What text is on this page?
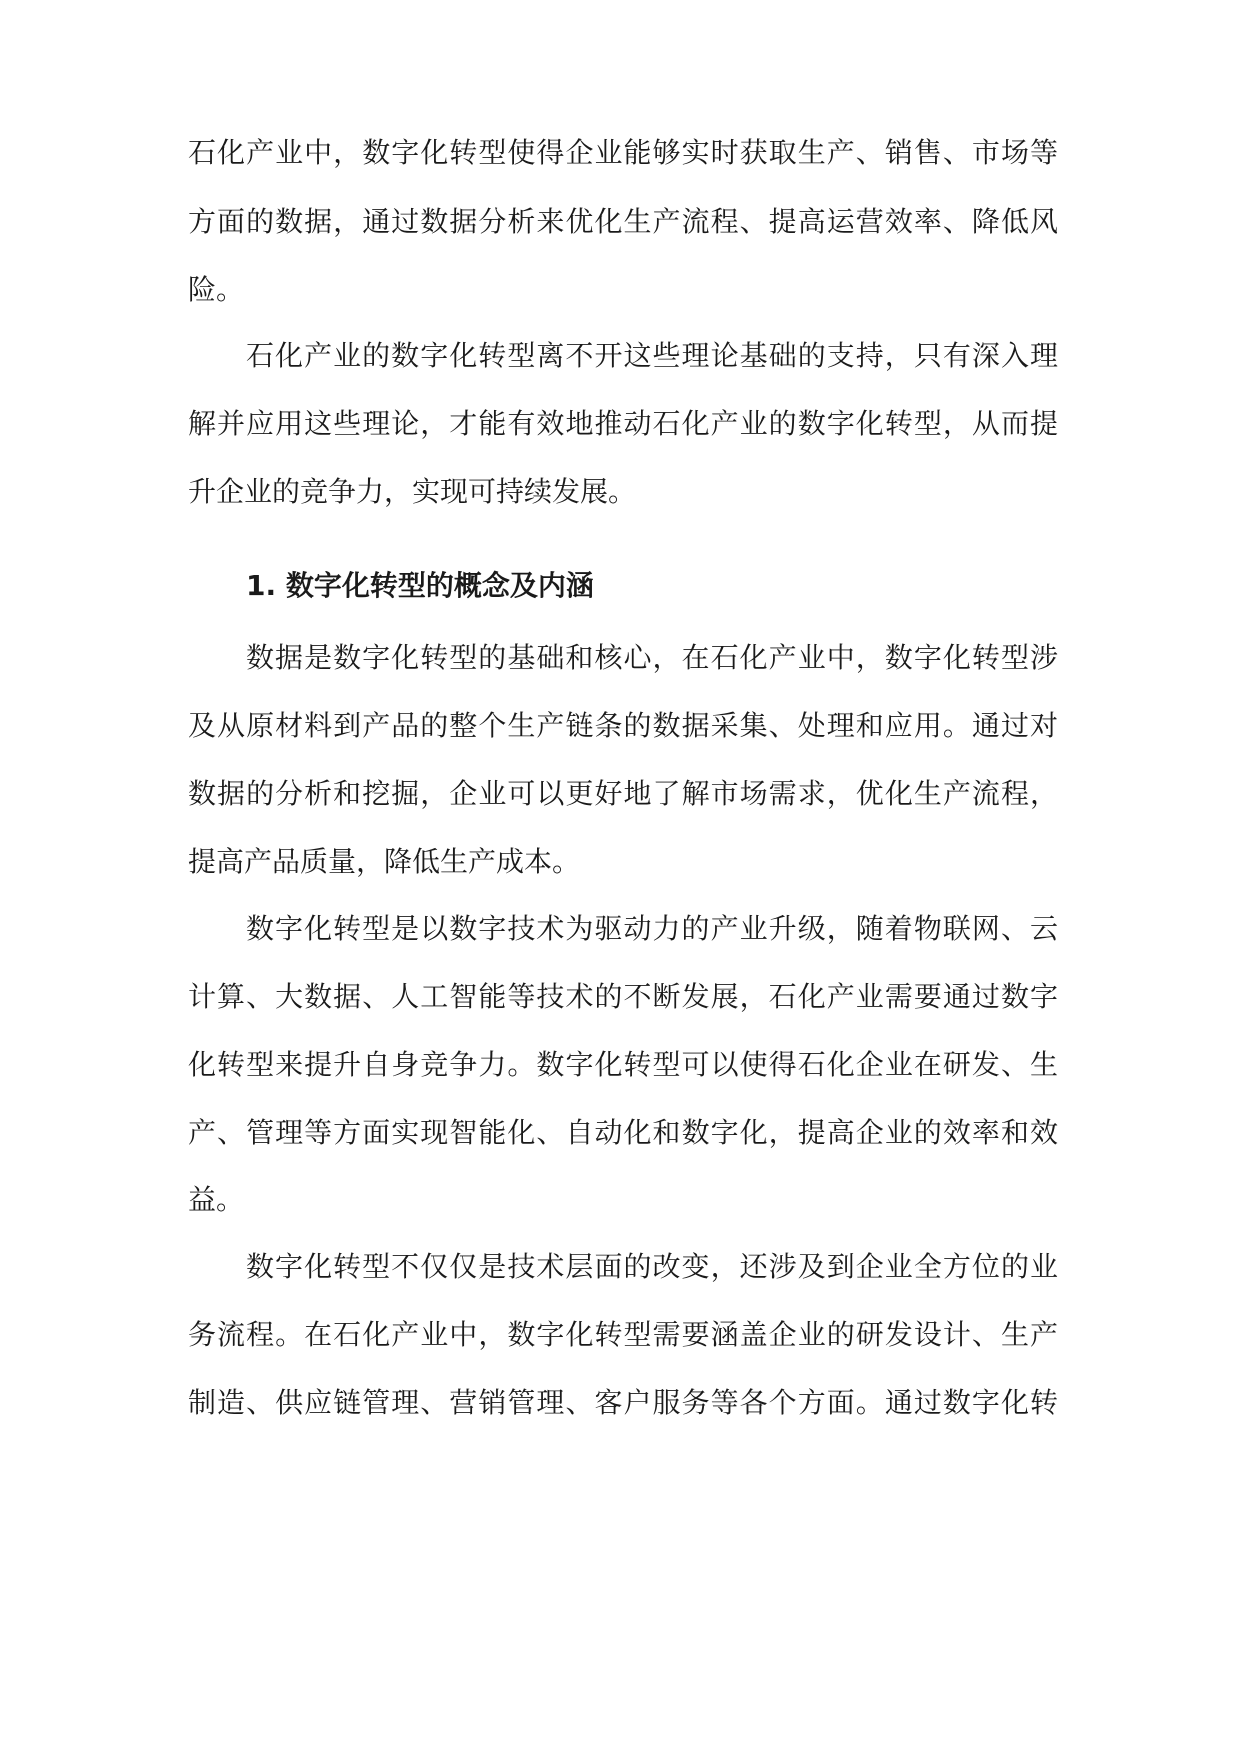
石化产业中，数字化转型使得企业能够实时获取生产、销售、市场等
方面的数据，通过数据分析来优化生产流程、提高运营效率、降低风
险。
石化产业的数字化转型离不开这些理论基础的支持，只有深入理
解并应用这些理论，才能有效地推动石化产业的数字化转型，从而提
升企业的竞争力，实现可持续发展。
1. 数字化转型的概念及内涵
数据是数字化转型的基础和核心，在石化产业中，数字化转型涉
及从原材料到产品的整个生产链条的数据采集、处理和应用。通过对
数据的分析和挖掘，企业可以更好地了解市场需求，优化生产流程，
提高产品质量，降低生产成本。
数字化转型是以数字技术为驱动力的产业升级，随着物联网、云
计算、大数据、人工智能等技术的不断发展，石化产业需要通过数字
化转型来提升自身竞争力。数字化转型可以使得石化企业在研发、生
产、管理等方面实现智能化、自动化和数字化，提高企业的效率和效
益。
数字化转型不仅仅是技术层面的改变，还涉及到企业全方位的业
务流程。在石化产业中，数字化转型需要涵盖企业的研发设计、生产
制造、供应链管理、营销管理、客户服务等各个方面。通过数字化转
